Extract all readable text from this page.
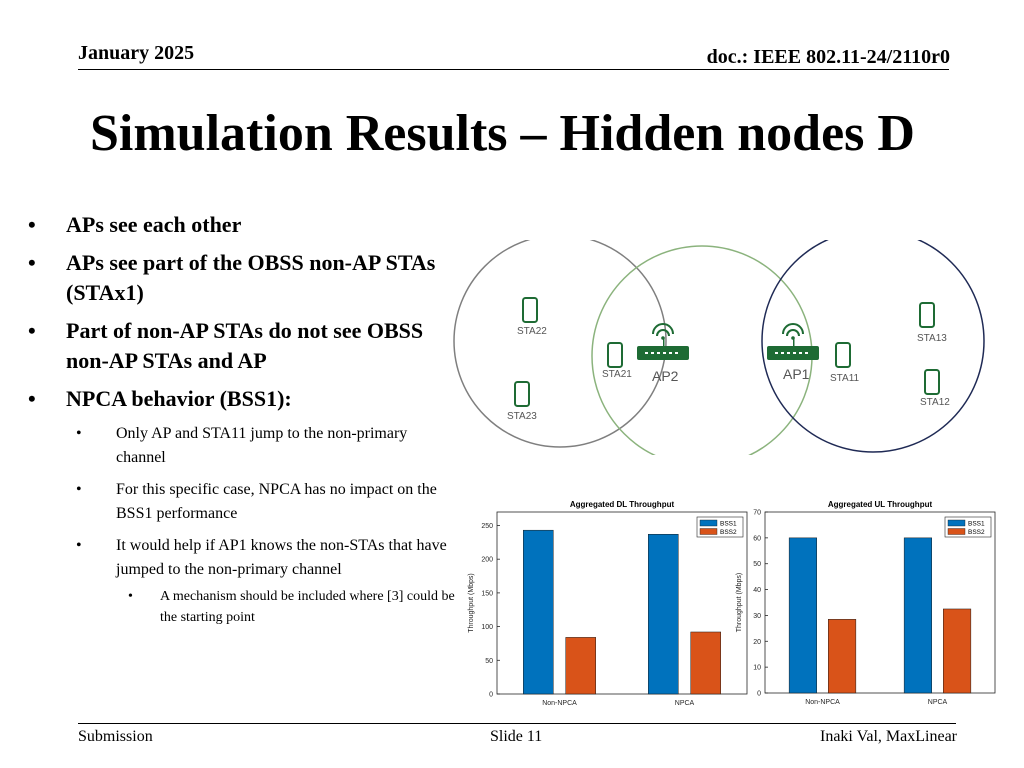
January 2025	doc.: IEEE 802.11-24/2110r0
Simulation Results – Hidden nodes D
• APs see each other
• APs see part of the OBSS non-AP STAs (STAx1)
• Part of non-AP STAs do not see OBSS non-AP STAs and AP
• NPCA behavior (BSS1):
• Only AP and STA11 jump to the non-primary channel
• For this specific case, NPCA has no impact on the BSS1 performance
• It would help if AP1 knows the non-STAs that have jumped to the non-primary channel
• A mechanism should be included where [3] could be the starting point
STA22
STA21 AP2	AP1 STA11
STA13
STA12
STA23
Aggregated DL Throughput
0
50
100
150
200
250
Throughput (Mbps)
Non-NPCA	NPCA
BSS1
BSS2
Aggregated UL Throughput
0
10
20
30
40
50
60
70
Throughput (Mbps)
Non-NPCA	NPCA
BSS1
BSS2
Submission	Slide 11	Inaki Val, MaxLinear
